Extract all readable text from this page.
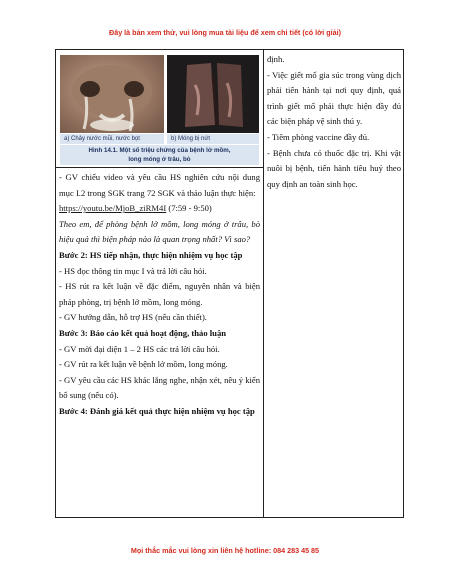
Đây là bản xem thử, vui lòng mua tài liệu để xem chi tiết (có lời giải)
a) Chảy nước mũi, nước bọt	b) Móng bị nứt
Hình 14.1. Một số triệu chứng của bệnh lở mồm,
long móng ở trâu, bò

- GV chiếu video và yêu cầu HS nghiên cứu nội dung mục I.2 trong SGK trang 72 SGK và thảo luận thực hiện:

https://youtu.be/MjoB_ziRM4I (7:59 - 9:50)

Theo em, để phòng bệnh lở mồm, long móng ở trâu, bò hiệu quả thì biện pháp nào là quan trọng nhất? Vì sao?

Bước 2: HS tiếp nhận, thực hiện nhiệm vụ học tập

- HS đọc thông tin mục I và trả lời câu hỏi.

- HS rút ra kết luận về đặc điểm, nguyên nhân và biện pháp phòng, trị bệnh lở mồm, long móng.

- GV hướng dẫn, hỗ trợ HS (nếu cần thiết).

Bước 3: Báo cáo kết quả hoạt động, thảo luận

- GV mời đại diện 1 – 2 HS các trả lời câu hỏi.

- GV rút ra kết luận về bệnh lở mồm, long móng.

- GV yêu cầu các HS khác lắng nghe, nhận xét, nêu ý kiến bổ sung (nếu có).

Bước 4: Đánh giá kết quả thực hiện nhiệm vụ học tập

định.

- Việc giết mổ gia súc trong vùng dịch phải tiến hành tại nơi quy định, quá trình giết mổ phải thực hiện đầy đủ các biện pháp vệ sinh thú y.

- Tiêm phòng vaccine đầy đủ.

- Bệnh chưa có thuốc đặc trị. Khi vật nuôi bị bệnh, tiến hành tiêu huỷ theo quy định an toàn sinh học.

Mọi thắc mắc vui lòng xin liên hệ hotline: 084 283 45 85
